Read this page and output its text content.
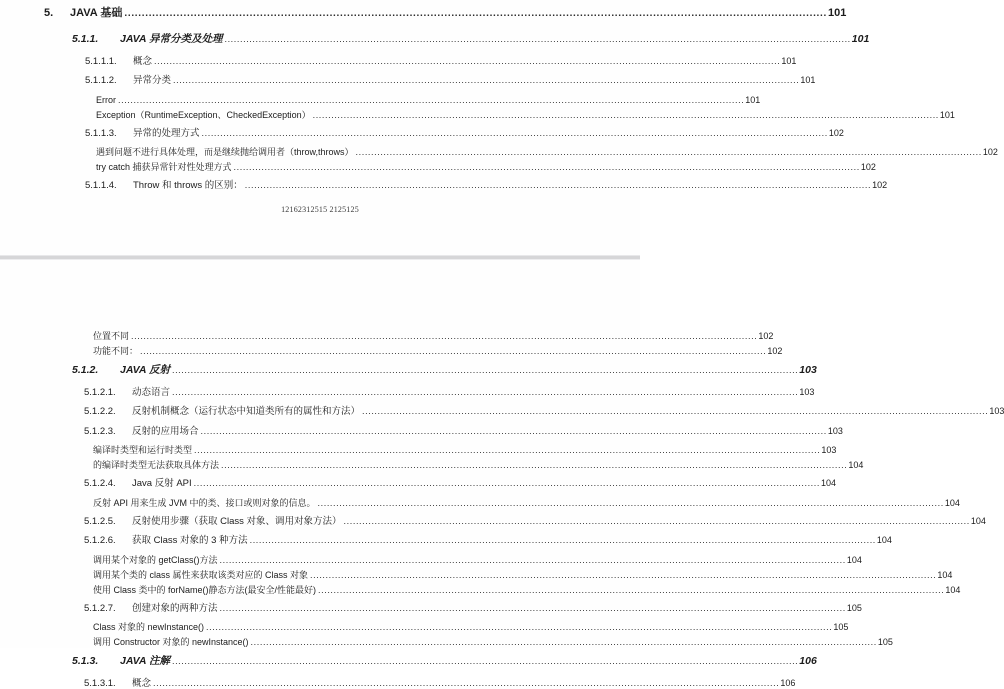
5.	JAVA 基础 .....	101
5.1.1.	JAVA 异常分类及处理 .....	101
5.1.1.1.	概念 .....	101
5.1.1.2.	异常分类 .....	101
Error .....	101
Exception（RuntimeException、CheckedException） .....	101
5.1.1.3.	异常的处理方式 .....	102
遇到问题不进行具体处理，而是继续抛给调用者（throw,throws） .....	102
try catch 捕获异常针对性处理方式 .....	102
5.1.1.4.	Throw 和 throws 的区别： .....	102
12162312515 2125125
位置不同 .....	102
功能不同： .....	102
5.1.2.	JAVA 反射 .....	103
5.1.2.1.	动态语言 .....	103
5.1.2.2.	反射机制概念（运行状态中知道类所有的属性和方法） .....	103
5.1.2.3.	反射的应用场合 .....	103
编译时类型和运行时类型 .....	103
的编译时类型无法获取具体方法 .....	104
5.1.2.4.	Java 反射 API .....	104
反射 API 用来生成 JVM 中的类、接口或则对象的信息。 .....	104
5.1.2.5.	反射使用步骤（获取 Class 对象、调用对象方法） .....	104
5.1.2.6.	获取 Class 对象的 3 种方法 .....	104
调用某个对象的 getClass()方法 .....	104
调用某个类的 class 属性来获取该类对应的 Class 对象 .....	104
使用 Class 类中的 forName()静态方法(最安全/性能最好) .....	104
5.1.2.7.	创建对象的两种方法 .....	105
Class 对象的 newInstance() .....	105
调用 Constructor 对象的 newInstance() .....	105
5.1.3.	JAVA 注解 .....	106
5.1.3.1.	概念 .....	106
